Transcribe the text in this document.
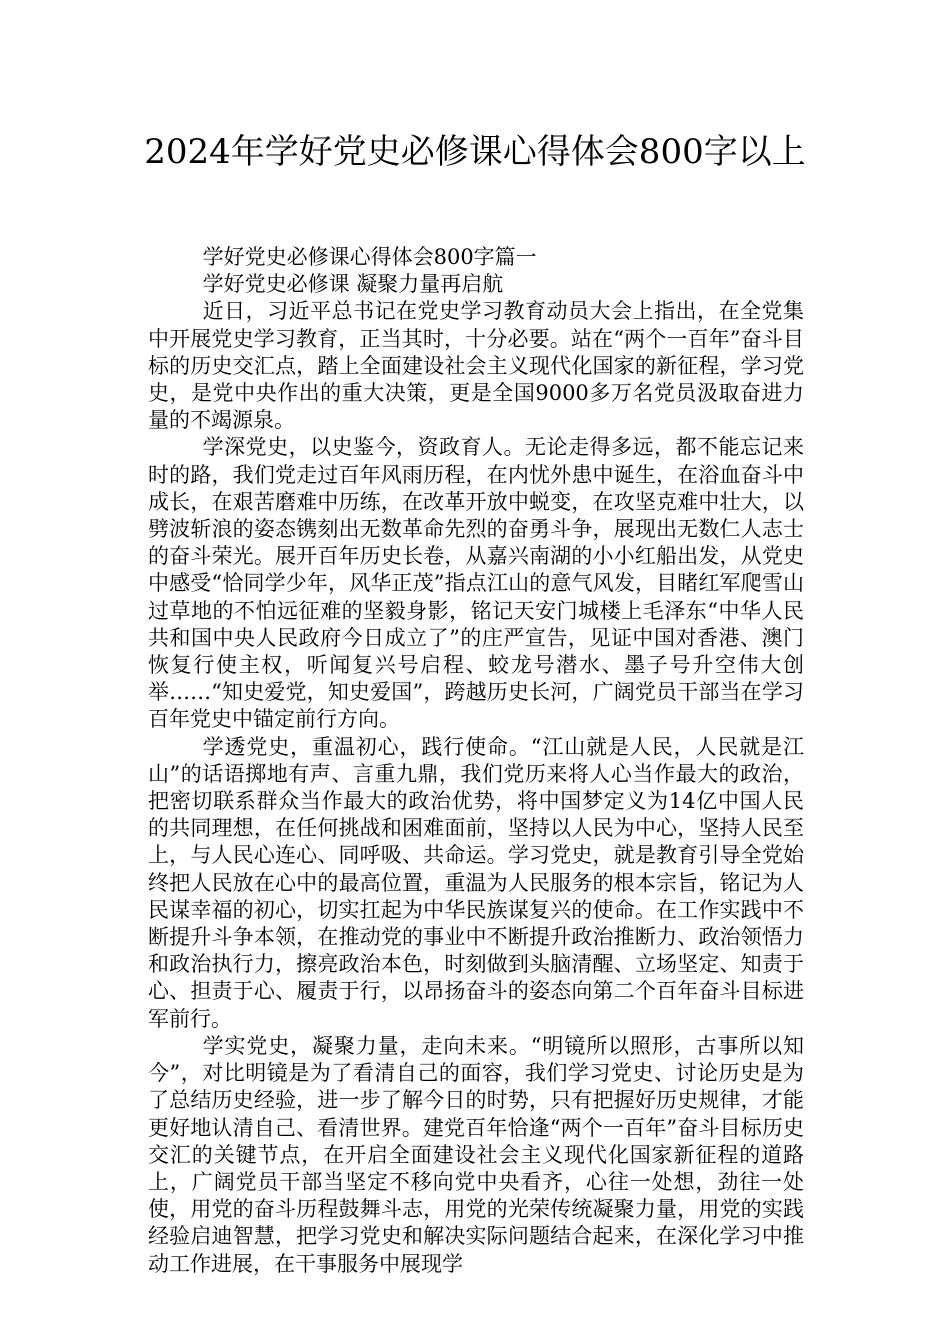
2024年学好党史必修课心得体会800字以上

学好党史必修课心得体会800字篇一

学好党史必修课 凝聚力量再启航

近日，习近平总书记在党史学习教育动员大会上指出，在全党集中开展党史学习教育，正当其时，十分必要。站在“两个一百年”奋斗目标的历史交汇点，踏上全面建设社会主义现代化国家的新征程，学习党史，是党中央作出的重大决策，更是全国9000多万名党员汲取奋进力量的不竭源泉。

学深党史，以史鉴今，资政育人。无论走得多远，都不能忘记来时的路，我们党走过百年风雨历程，在内忧外患中诞生，在浴血奋斗中成长，在艰苦磨难中历练，在改革开放中蜕变，在攻坚克难中壮大，以劈波斩浪的姿态镌刻出无数革命先烈的奋勇斗争，展现出无数仁人志士的奋斗荣光。展开百年历史长卷，从嘉兴南湖的小小红船出发，从党史中感受“恰同学少年，风华正茂”指点江山的意气风发，目睹红军爬雪山过草地的不怕远征难的坚毅身影，铭记天安门城楼上毛泽东“中华人民共和国中央人民政府今日成立了”的庄严宣告，见证中国对香港、澳门恢复行使主权，听闻复兴号启程、蛟龙号潜水、墨子号升空伟大创举……“知史爱党，知史爱国”，跨越历史长河，广阔党员干部当在学习百年党史中锚定前行方向。

学透党史，重温初心，践行使命。“江山就是人民，人民就是江山”的话语掷地有声、言重九鼎，我们党历来将人心当作最大的政治，把密切联系群众当作最大的政治优势，将中国梦定义为14亿中国人民的共同理想，在任何挑战和困难面前，坚持以人民为中心，坚持人民至上，与人民心连心、同呼吸、共命运。学习党史，就是教育引导全党始终把人民放在心中的最高位置，重温为人民服务的根本宗旨，铭记为人民谋幸福的初心，切实扛起为中华民族谋复兴的使命。在工作实践中不断提升斗争本领，在推动党的事业中不断提升政治推断力、政治领悟力和政治执行力，擦亮政治本色，时刻做到头脑清醒、立场坚定、知责于心、担责于心、履责于行，以昂扬奋斗的姿态向第二个百年奋斗目标进军前行。

学实党史，凝聚力量，走向未来。“明镜所以照形，古事所以知今”，对比明镜是为了看清自己的面容，我们学习党史、讨论历史是为了总结历史经验，进一步了解今日的时势，只有把握好历史规律，才能更好地认清自己、看清世界。建党百年恰逢“两个一百年”奋斗目标历史交汇的关键节点，在开启全面建设社会主义现代化国家新征程的道路上，广阔党员干部当坚定不移向党中央看齐，心往一处想，劲往一处使，用党的奋斗历程鼓舞斗志，用党的光荣传统凝聚力量，用党的实践经验启迪智慧，把学习党史和解决实际问题结合起来，在深化学习中推动工作进展，在干事服务中展现学
